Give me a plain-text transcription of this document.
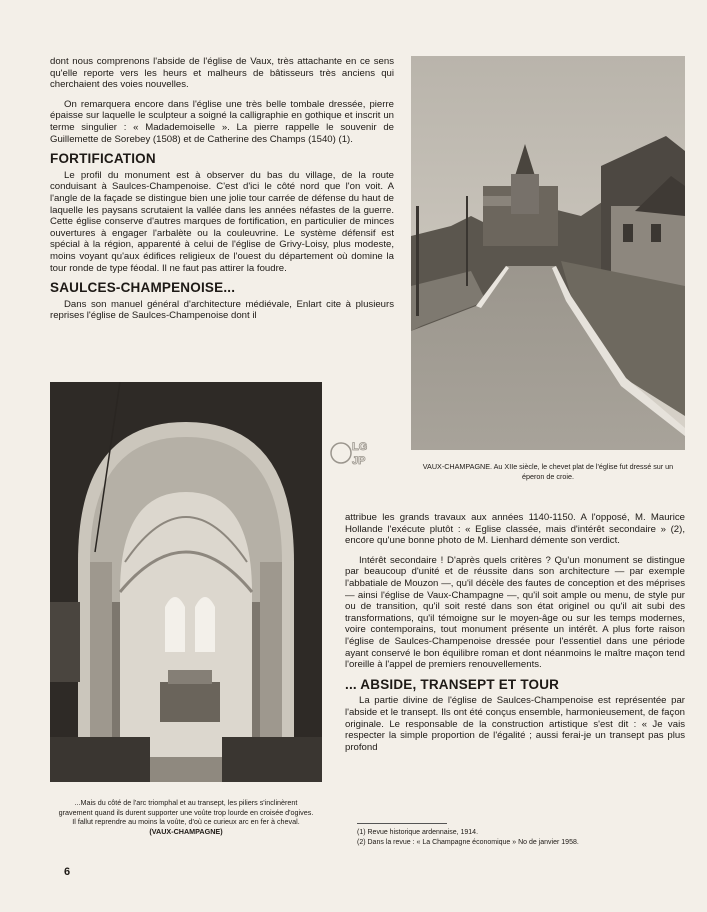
dont nous comprenons l'abside de l'église de Vaux, très attachante en ce sens qu'elle reporte vers les heurs et malheurs de bâtisseurs très anciens qui cherchaient des voies nouvelles.

On remarquera encore dans l'église une très belle tombale dressée, pierre épaisse sur laquelle le sculpteur a soigné la calligraphie en gothique et inscrit un terme singulier : « Madademoiselle ». La pierre rappelle le souvenir de Guillemette de Sorebey (1508) et de Catherine des Champs (1540) (1).

FORTIFICATION

Le profil du monument est à observer du bas du village, de la route conduisant à Saulces-Champenoise. C'est d'ici le côté nord que l'on voit. A l'angle de la façade se distingue bien une jolie tour carrée de défense du haut de laquelle les paysans scrutaient la vallée dans les années néfastes de la guerre. Cette église conserve d'autres marques de fortification, en particulier de minces ouvertures à engager l'arbalète ou la couleuvrine. Le système défensif est spécial à la région, apparenté à celui de l'église de Grivy-Loisy, plus modeste, moins voyant qu'aux édifices religieux de l'ouest du département où domine la tour ronde de type féodal. Il ne faut pas attirer la foudre.

SAULCES-CHAMPENOISE...

Dans son manuel général d'architecture médiévale, Enlart cite à plusieurs reprises l'église de Saulces-Champenoise dont il

VAUX-CHAMPAGNE. Au XIIe siècle, le chevet plat de l'église fut dressé sur un éperon de croie.
LG
JP
...Mais du côté de l'arc triomphal et au transept, les piliers s'inclinèrent gravement quand ils durent supporter une voûte trop lourde en croisée d'ogives. Il fallut reprendre au moins la voûte, d'où ce curieux arc en fer à cheval.
(VAUX-CHAMPAGNE)

attribue les grands travaux aux années 1140-1150. A l'opposé, M. Maurice Hollande l'exécute plutôt : « Eglise classée, mais d'intérêt secondaire » (2), encore qu'une bonne photo de M. Lienhard démente son verdict.

Intérêt secondaire ! D'après quels critères ? Qu'un monument se distingue par beaucoup d'unité et de réussite dans son architecture — par exemple l'abbatiale de Mouzon —, qu'il décèle des fautes de conception et des méprises — ainsi l'église de Vaux-Champagne —, qu'il soit ample ou menu, de style pur ou de transition, qu'il soit resté dans son état originel ou qu'il ait subi des transformations, qu'il témoigne sur le moyen-âge ou sur les temps modernes, voire contemporains, tout monument présente un intérêt. A plus forte raison l'église de Saulces-Champenoise dressée pour l'essentiel dans une période ayant conservé le bon équilibre roman et dont néanmoins le maître maçon tend l'oreille à l'appel de premiers renouvellements.

... ABSIDE, TRANSEPT ET TOUR

La partie divine de l'église de Saulces-Champenoise est représentée par l'abside et le transept. Ils ont été conçus ensemble, harmonieusement, de façon originale. Le responsable de la construction artistique s'est dit : « Je vais respecter la simple proportion de l'égalité ; aussi ferai-je un transept pas plus profond

(1) Revue historique ardennaise, 1914.
(2) Dans la revue : « La Champagne économique » No de janvier 1958.
6
